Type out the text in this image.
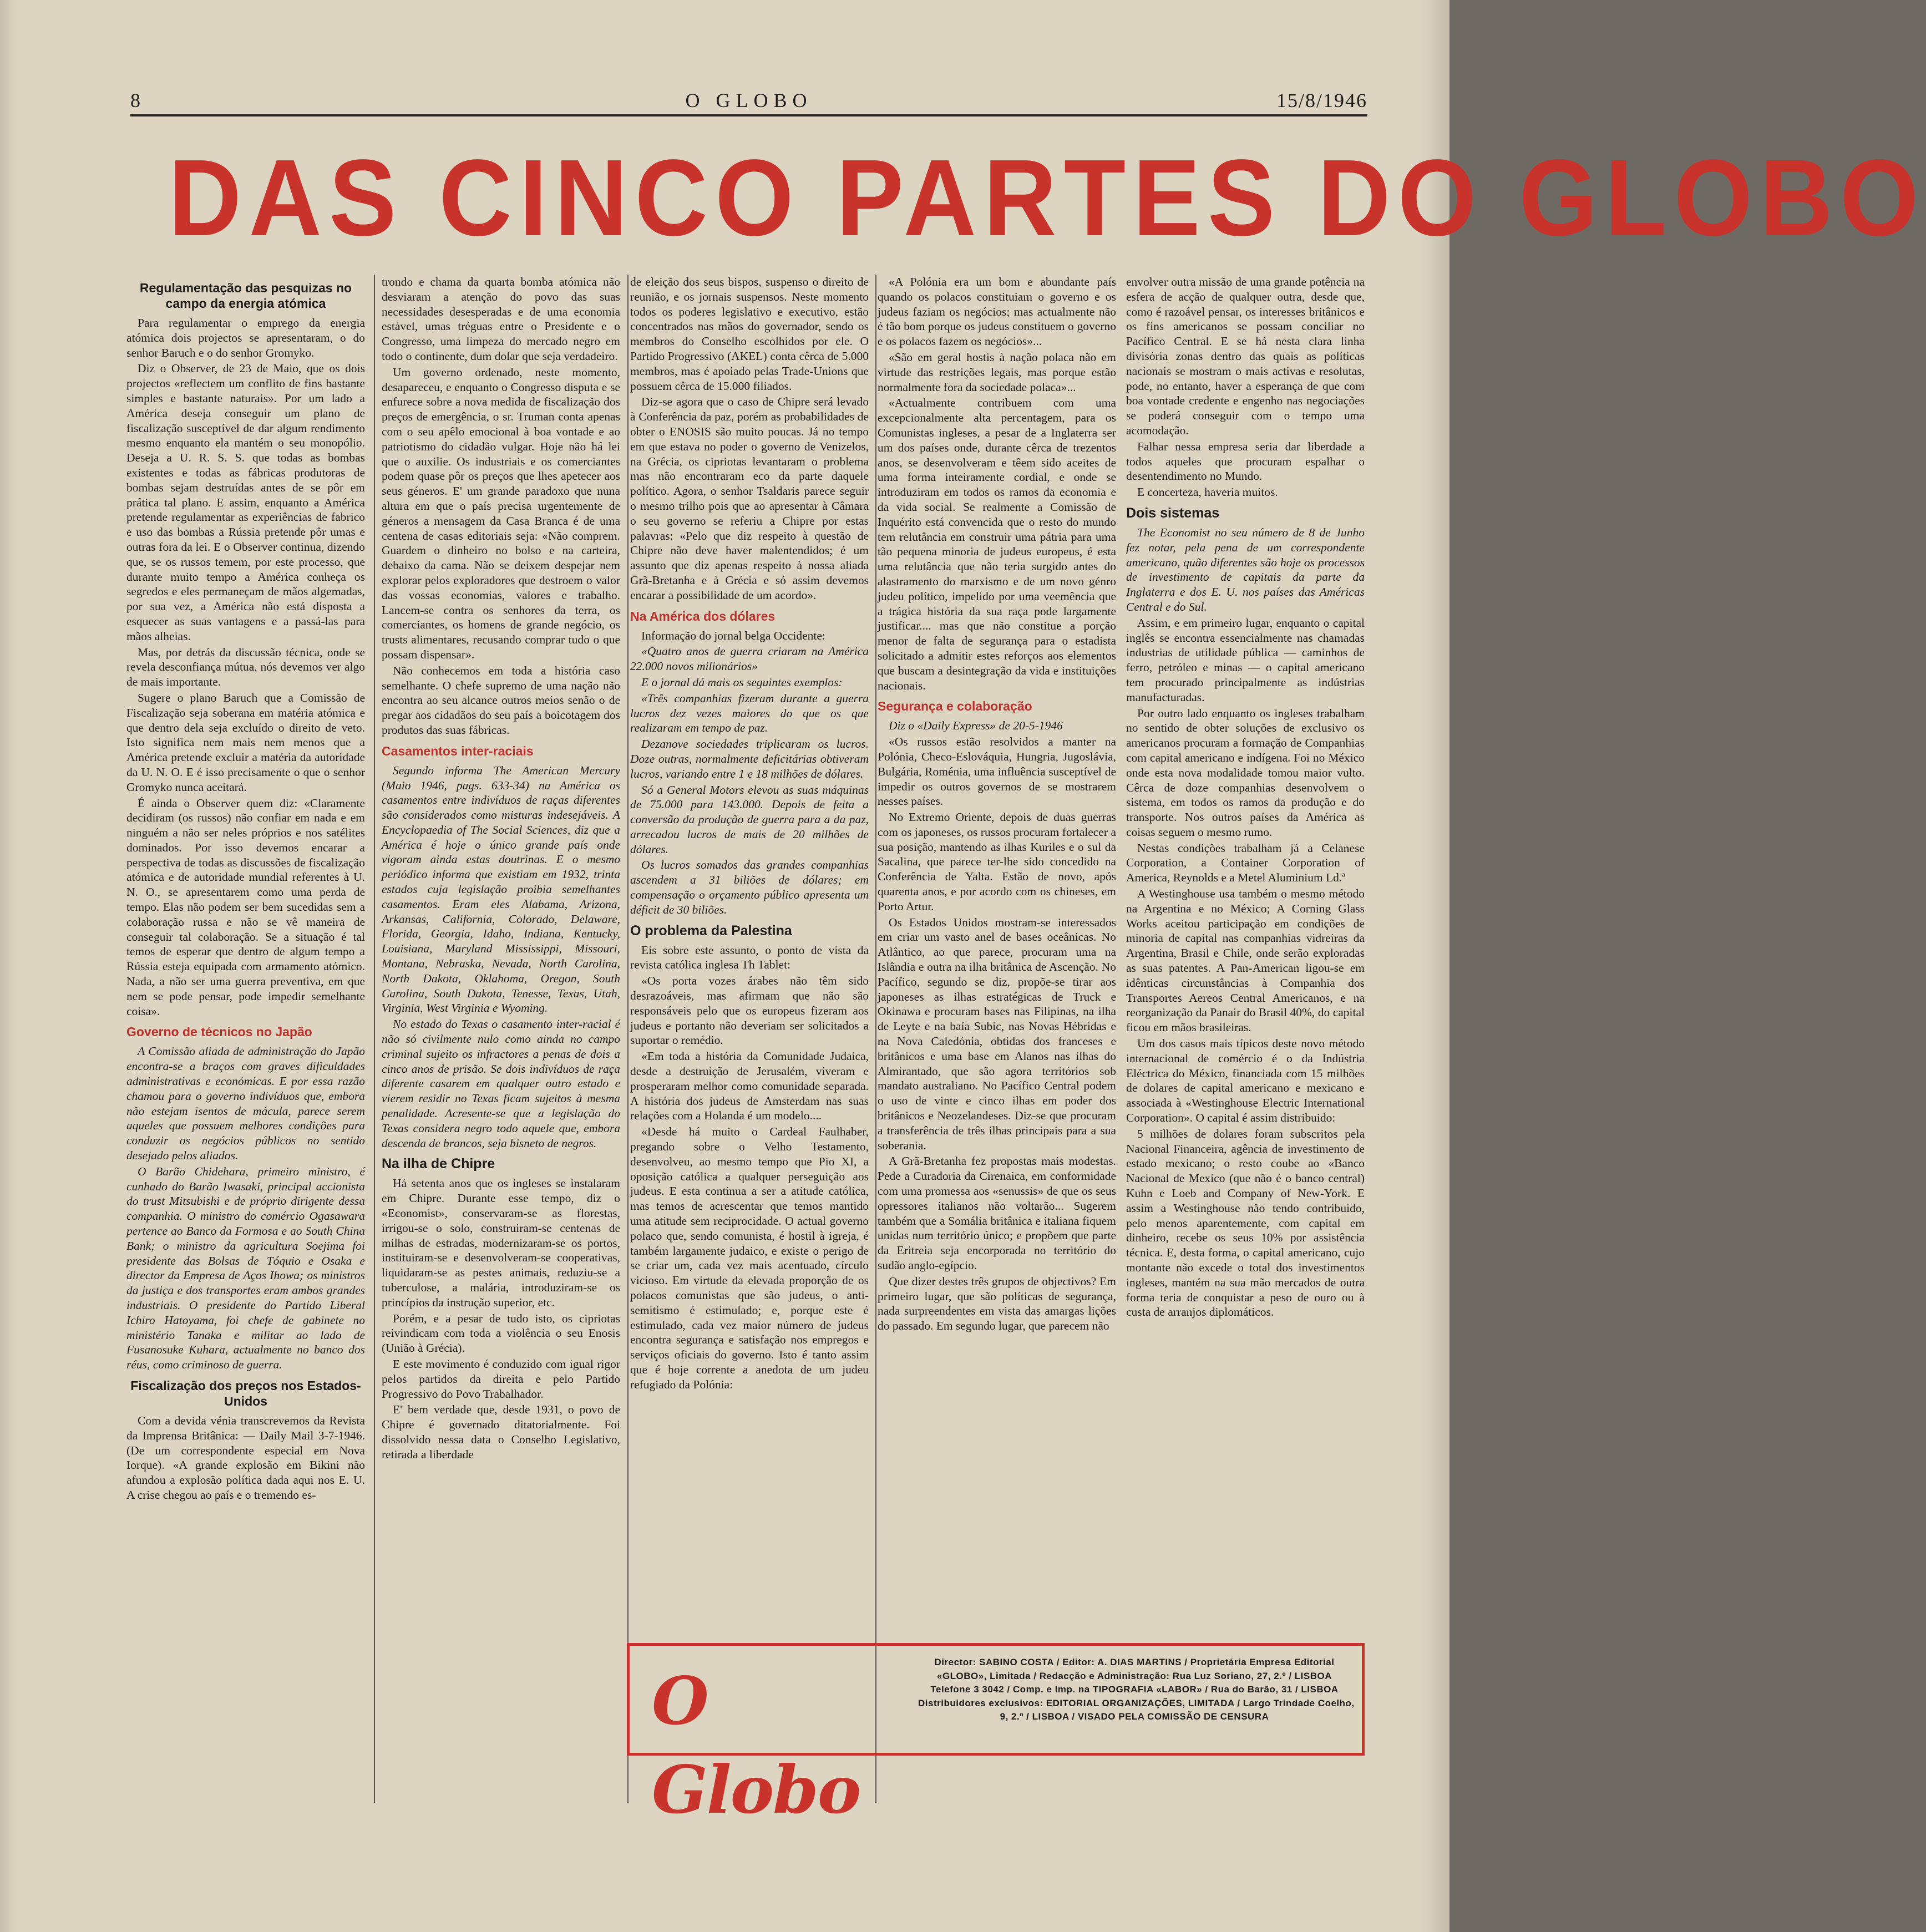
8	O GLOBO	15/8/1946
DAS CINCO PARTES DO GLOBO
Regulamentação das pesquizas no campo da energia atómica

Para regulamentar o emprego da energia atómica dois projectos se apresentaram, o do senhor Baruch e o do senhor Gromyko.

Diz o Observer, de 23 de Maio, que os dois projectos «reflectem um conflito de fins bastante simples e bastante naturais». Por um lado a América deseja conseguir um plano de fiscalização susceptível de dar algum rendimento mesmo enquanto ela mantém o seu monopólio. Deseja a U. R. S. S. que todas as bombas existentes e todas as fábricas produtoras de bombas sejam destruídas antes de se pôr em prática tal plano. E assim, enquanto a América pretende regulamentar as experiências de fabrico e uso das bombas a Rússia pretende pôr umas e outras fora da lei. E o Observer continua, dizendo que, se os russos temem, por este processo, que durante muito tempo a América conheça os segredos e eles permaneçam de mãos algemadas, por sua vez, a América não está disposta a esquecer as suas vantagens e a passá-las para mãos alheias.

Mas, por detrás da discussão técnica, onde se revela desconfiança mútua, nós devemos ver algo de mais importante.

Sugere o plano Baruch que a Comissão de Fiscalização seja soberana em matéria atómica e que dentro dela seja excluído o direito de veto. Isto significa nem mais nem menos que a América pretende excluir a matéria da autoridade da U. N. O. E é isso precisamente o que o senhor Gromyko nunca aceitará.

É ainda o Observer quem diz: «Claramente decidiram (os russos) não confiar em nada e em ninguém a não ser neles próprios e nos satélites dominados. Por isso devemos encarar a perspectiva de todas as discussões de fiscalização atómica e de autoridade mundial referentes à U. N. O., se apresentarem como uma perda de tempo. Elas não podem ser bem sucedidas sem a colaboração russa e não se vê maneira de conseguir tal colaboração. Se a situação é tal temos de esperar que dentro de algum tempo a Rússia esteja equipada com armamento atómico. Nada, a não ser uma guerra preventiva, em que nem se pode pensar, pode impedir semelhante coisa».

Governo de técnicos no Japão

A Comissão aliada de administração do Japão encontra-se a braços com graves dificuldades administrativas e económicas. E por essa razão chamou para o governo indivíduos que, embora não estejam isentos de mácula, parece serem aqueles que possuem melhores condições para conduzir os negócios públicos no sentido desejado pelos aliados.

O Barão Chidehara, primeiro ministro, é cunhado do Barão Iwasaki, principal accionista do trust Mitsubishi e de próprio dirigente dessa companhia. O ministro do comércio Ogasawara pertence ao Banco da Formosa e ao South China Bank; o ministro da agricultura Soejima foi presidente das Bolsas de Tóquio e Osaka e director da Empresa de Aços Ihowa; os ministros da justiça e dos transportes eram ambos grandes industriais. O presidente do Partido Liberal Ichiro Hatoyama, foi chefe de gabinete no ministério Tanaka e militar ao lado de Fusanosuke Kuhara, actualmente no banco dos réus, como criminoso de guerra.

Fiscalização dos preços nos Estados-Unidos

Com a devida vénia transcrevemos da Revista da Imprensa Britânica: — Daily Mail 3-7-1946. (De um correspondente especial em Nova Iorque). «A grande explosão em Bikini não afundou a explosão política dada aqui nos E. U. A crise chegou ao país e o tremendo es-

trondo e chama da quarta bomba atómica não desviaram a atenção do povo das suas necessidades desesperadas e de uma economia estável, umas tréguas entre o Presidente e o Congresso, uma limpeza do mercado negro em todo o continente, dum dolar que seja verdadeiro.

Um governo ordenado, neste momento, desapareceu, e enquanto o Congresso disputa e se enfurece sobre a nova medida de fiscalização dos preços de emergência, o sr. Truman conta apenas com o seu apêlo emocional à boa vontade e ao patriotismo do cidadão vulgar. Hoje não há lei que o auxilie. Os industriais e os comerciantes podem quase pôr os preços que lhes apetecer aos seus géneros. E' um grande paradoxo que nuna altura em que o país precisa urgentemente de géneros a mensagem da Casa Branca é de uma centena de casas editoriais seja: «Não comprem. Guardem o dinheiro no bolso e na carteira, debaixo da cama. Não se deixem despejar nem explorar pelos exploradores que destroem o valor das vossas economias, valores e trabalho. Lancem-se contra os senhores da terra, os comerciantes, os homens de grande negócio, os trusts alimentares, recusando comprar tudo o que possam dispensar».

Não conhecemos em toda a história caso semelhante. O chefe supremo de uma nação não encontra ao seu alcance outros meios senão o de pregar aos cidadãos do seu país a boicotagem dos produtos das suas fábricas.

Casamentos inter-raciais

Segundo informa The American Mercury (Maio 1946, pags. 633-34) na América os casamentos entre indivíduos de raças diferentes são considerados como misturas indesejáveis. A Encyclopaedia of The Social Sciences, diz que a América é hoje o único grande país onde vigoram ainda estas doutrinas. E o mesmo periódico informa que existiam em 1932, trinta estados cuja legislação proibia semelhantes casamentos. Eram eles Alabama, Arizona, Arkansas, California, Colorado, Delaware, Florida, Georgia, Idaho, Indiana, Kentucky, Louisiana, Maryland Mississippi, Missouri, Montana, Nebraska, Nevada, North Carolina, North Dakota, Oklahoma, Oregon, South Carolina, South Dakota, Tenesse, Texas, Utah, Virginia, West Virginia e Wyoming.

No estado do Texas o casamento inter-racial é não só civilmente nulo como ainda no campo criminal sujeito os infractores a penas de dois a cinco anos de prisão. Se dois indivíduos de raça diferente casarem em qualquer outro estado e vierem residir no Texas ficam sujeitos à mesma penalidade. Acresente-se que a legislação do Texas considera negro todo aquele que, embora descenda de brancos, seja bisneto de negros.

Na ilha de Chipre

Há setenta anos que os ingleses se instalaram em Chipre. Durante esse tempo, diz o «Economist», conservaram-se as florestas, irrigou-se o solo, construiram-se centenas de milhas de estradas, modernizaram-se os portos, instituiram-se e desenvolveram-se cooperativas, liquidaram-se as pestes animais, reduziu-se a tuberculose, a malária, introduziram-se os princípios da instrução superior, etc.

Porém, e a pesar de tudo isto, os cipriotas reivindicam com toda a violência o seu Enosis (União à Grécia).

E este movimento é conduzido com igual rigor pelos partidos da direita e pelo Partido Progressivo do Povo Trabalhador.

E' bem verdade que, desde 1931, o povo de Chipre é governado ditatorialmente. Foi dissolvido nessa data o Conselho Legislativo, retirada a liberdade

de eleição dos seus bispos, suspenso o direito de reunião, e os jornais suspensos. Neste momento todos os poderes legislativo e executivo, estão concentrados nas mãos do governador, sendo os membros do Conselho escolhidos por ele. O Partido Progressivo (AKEL) conta cêrca de 5.000 membros, mas é apoiado pelas Trade-Unions que possuem cêrca de 15.000 filiados.

Diz-se agora que o caso de Chipre será levado à Conferência da paz, porém as probabilidades de obter o ENOSIS são muito poucas. Já no tempo em que estava no poder o governo de Venizelos, na Grécia, os cipriotas levantaram o problema mas não encontraram eco da parte daquele político. Agora, o senhor Tsaldaris parece seguir o mesmo trilho pois que ao apresentar à Câmara o seu governo se referiu a Chipre por estas palavras: «Pelo que diz respeito à questão de Chipre não deve haver malentendidos; é um assunto que diz apenas respeito à nossa aliada Grã-Bretanha e à Grécia e só assim devemos encarar a possibilidade de um acordo».

Na América dos dólares

Informação do jornal belga Occidente:

«Quatro anos de guerra criaram na América 22.000 novos milionários»

E o jornal dá mais os seguintes exemplos:

«Três companhias fizeram durante a guerra lucros dez vezes maiores do que os que realizaram em tempo de paz.

Dezanove sociedades triplicaram os lucros. Doze outras, normalmente deficitárias obtiveram lucros, variando entre 1 e 18 milhões de dólares.

Só a General Motors elevou as suas máquinas de 75.000 para 143.000. Depois de feita a conversão da produção de guerra para a da paz, arrecadou lucros de mais de 20 milhões de dólares.

Os lucros somados das grandes companhias ascendem a 31 biliões de dólares; em compensação o orçamento público apresenta um déficit de 30 biliões.

O problema da Palestina

Eis sobre este assunto, o ponto de vista da revista católica inglesa Th Tablet:

«Os porta vozes árabes não têm sido desrazoáveis, mas afirmam que não são responsáveis pelo que os europeus fizeram aos judeus e portanto não deveriam ser solicitados a suportar o remédio.

«Em toda a história da Comunidade Judaica, desde a destruição de Jerusalém, viveram e prosperaram melhor como comunidade separada. A história dos judeus de Amsterdam nas suas relações com a Holanda é um modelo....

«Desde há muito o Cardeal Faulhaber, pregando sobre o Velho Testamento, desenvolveu, ao mesmo tempo que Pio XI, a oposição católica a qualquer perseguição aos judeus. E esta continua a ser a atitude católica, mas temos de acrescentar que temos mantido uma atitude sem reciprocidade. O actual governo polaco que, sendo comunista, é hostil à igreja, é também largamente judaico, e existe o perigo de se criar um, cada vez mais acentuado, círculo vicioso. Em virtude da elevada proporção de os polacos comunistas que são judeus, o anti-semitismo é estimulado; e, porque este é estimulado, cada vez maior número de judeus encontra segurança e satisfação nos empregos e serviços oficiais do governo. Isto é tanto assim que é hoje corrente a anedota de um judeu refugiado da Polónia:

«A Polónia era um bom e abundante país quando os polacos constituiam o governo e os judeus faziam os negócios; mas actualmente não é tão bom porque os judeus constituem o governo e os polacos fazem os negócios»...

«São em geral hostis à nação polaca não em virtude das restrições legais, mas porque estão normalmente fora da sociedade polaca»...

«Actualmente contribuem com uma excepcionalmente alta percentagem, para os Comunistas ingleses, a pesar de a Inglaterra ser um dos países onde, durante cêrca de trezentos anos, se desenvolveram e têem sido aceites de uma forma inteiramente cordial, e onde se introduziram em todos os ramos da economia e da vida social. Se realmente a Comissão de Inquérito está convencida que o resto do mundo tem relutância em construir uma pátria para uma tão pequena minoria de judeus europeus, é esta uma relutância que não teria surgido antes do alastramento do marxismo e de um novo génro judeu político, impelido por uma veemência que a trágica história da sua raça pode largamente justificar.... mas que não constitue a porção menor de falta de segurança para o estadista solicitado a admitir estes reforços aos elementos que buscam a desintegração da vida e instituições nacionais.

Segurança e colaboração

Diz o «Daily Express» de 20-5-1946

«Os russos estão resolvidos a manter na Polónia, Checo-Eslováquia, Hungria, Jugoslávia, Bulgária, Roménia, uma influência susceptível de impedir os outros governos de se mostrarem nesses países.

No Extremo Oriente, depois de duas guerras com os japoneses, os russos procuram fortalecer a sua posição, mantendo as ilhas Kuriles e o sul da Sacalina, que parece ter-lhe sido concedido na Conferência de Yalta. Estão de novo, após quarenta anos, e por acordo com os chineses, em Porto Artur.

Os Estados Unidos mostram-se interessados em criar um vasto anel de bases oceânicas. No Atlântico, ao que parece, procuram uma na Islândia e outra na ilha britânica de Ascenção. No Pacífico, segundo se diz, propõe-se tirar aos japoneses as ilhas estratégicas de Truck e Okinawa e procuram bases nas Filipinas, na ilha de Leyte e na baía Subic, nas Novas Hébridas e na Nova Caledónia, obtidas dos franceses e britânicos e uma base em Alanos nas ilhas do Almirantado, que são agora territórios sob mandato australiano. No Pacífico Central podem o uso de vinte e cinco ilhas em poder dos britânicos e Neozelandeses. Diz-se que procuram a transferência de três ilhas principais para a sua soberania.

A Grã-Bretanha fez propostas mais modestas. Pede a Curadoria da Cirenaica, em conformidade com uma promessa aos «senussis» de que os seus opressores italianos não voltarão... Sugerem também que a Somália britânica e italiana fiquem unidas num território único; e propõem que parte da Eritreia seja encorporada no território do sudão anglo-egípcio.

Que dizer destes três grupos de objectivos? Em primeiro lugar, que são políticas de segurança, nada surpreendentes em vista das amargas lições do passado. Em segundo lugar, que parecem não

envolver outra missão de uma grande potência na esfera de acção de qualquer outra, desde que, como é razoável pensar, os interesses britânicos e os fins americanos se possam conciliar no Pacífico Central. E se há nesta clara linha divisória zonas dentro das quais as políticas nacionais se mostram o mais activas e resolutas, pode, no entanto, haver a esperança de que com boa vontade credente e engenho nas negociações se poderá conseguir com o tempo uma acomodação.

Falhar nessa empresa seria dar liberdade a todos aqueles que procuram espalhar o desentendimento no Mundo.

E concerteza, haveria muitos.

Dois sistemas

The Economist no seu número de 8 de Junho fez notar, pela pena de um correspondente americano, quão diferentes são hoje os processos de investimento de capitais da parte da Inglaterra e dos E. U. nos países das Américas Central e do Sul.

Assim, e em primeiro lugar, enquanto o capital inglês se encontra essencialmente nas chamadas industrias de utilidade pública — caminhos de ferro, petróleo e minas — o capital americano tem procurado principalmente as indústrias manufacturadas.

Por outro lado enquanto os ingleses trabalham no sentido de obter soluções de exclusivo os americanos procuram a formação de Companhias com capital americano e indígena. Foi no México onde esta nova modalidade tomou maior vulto. Cêrca de doze companhias desenvolvem o sistema, em todos os ramos da produção e do transporte. Nos outros países da América as coisas seguem o mesmo rumo.

Nestas condições trabalham já a Celanese Corporation, a Container Corporation of America, Reynolds e a Metel Aluminium Ld.ª

A Westinghouse usa também o mesmo método na Argentina e no México; A Corning Glass Works aceitou participação em condições de minoria de capital nas companhias vidreiras da Argentina, Brasil e Chile, onde serão exploradas as suas patentes. A Pan-American ligou-se em idênticas circunstâncias à Companhia dos Transportes Aereos Central Americanos, e na reorganização da Panair do Brasil 40%, do capital ficou em mãos brasileiras.

Um dos casos mais típicos deste novo método internacional de comércio é o da Indústria Eléctrica do México, financiada com 15 milhões de dolares de capital americano e mexicano e associada à «Westinghouse Electric International Corporation». O capital é assim distribuido:

5 milhões de dolares foram subscritos pela Nacional Financeira, agência de investimento de estado mexicano; o resto coube ao «Banco Nacional de Mexico (que não é o banco central) Kuhn e Loeb and Company of New-York. E assim a Westinghouse não tendo contribuido, pelo menos aparentemente, com capital em dinheiro, recebe os seus 10% por assistência técnica. E, desta forma, o capital americano, cujo montante não excede o total dos investimentos ingleses, mantém na sua mão mercados de outra forma teria de conquistar a peso de ouro ou à custa de arranjos diplomáticos.

O Globo
Director: SABINO COSTA / Editor: A. DIAS MARTINS / Proprietária Empresa Editorial
«GLOBO», Limitada / Redacção e Administração: Rua Luz Soriano, 27, 2.º / LISBOA
Telefone 3 3042 / Comp. e Imp. na TIPOGRAFIA «LABOR» / Rua do Barão, 31 / LISBOA
Distribuidores exclusivos: EDITORIAL ORGANIZAÇÕES, LIMITADA / Largo Trindade Coelho,
9, 2.º / LISBOA / VISADO PELA COMISSÃO DE CENSURA
